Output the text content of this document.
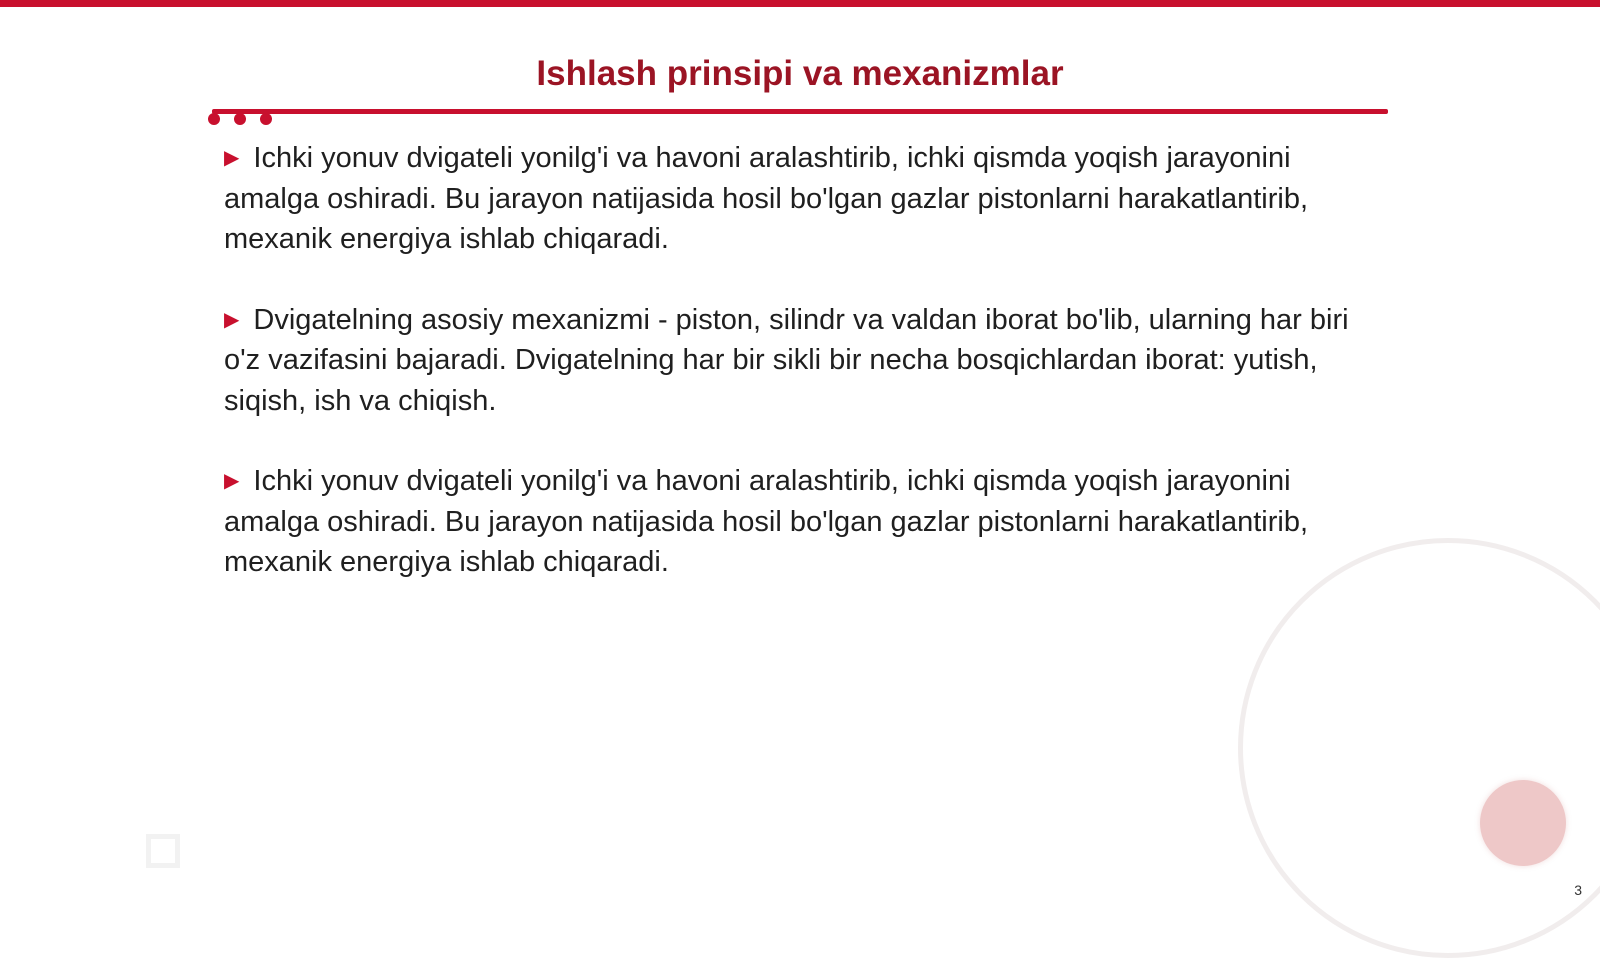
Ishlash prinsipi va mexanizmlar
▶ Ichki yonuv dvigateli yonilg'i va havoni aralashtirib, ichki qismda yoqish jarayonini amalga oshiradi. Bu jarayon natijasida hosil bo'lgan gazlar pistonlarni harakatlantirib, mexanik energiya ishlab chiqaradi.
▶ Dvigatelning asosiy mexanizmi - piston, silindr va valdan iborat bo'lib, ularning har biri o'z vazifasini bajaradi. Dvigatelning har bir sikli bir necha bosqichlardan iborat: yutish, siqish, ish va chiqish.
▶ Ichki yonuv dvigateli yonilg'i va havoni aralashtirib, ichki qismda yoqish jarayonini amalga oshiradi. Bu jarayon natijasida hosil bo'lgan gazlar pistonlarni harakatlantirib, mexanik energiya ishlab chiqaradi.
3
